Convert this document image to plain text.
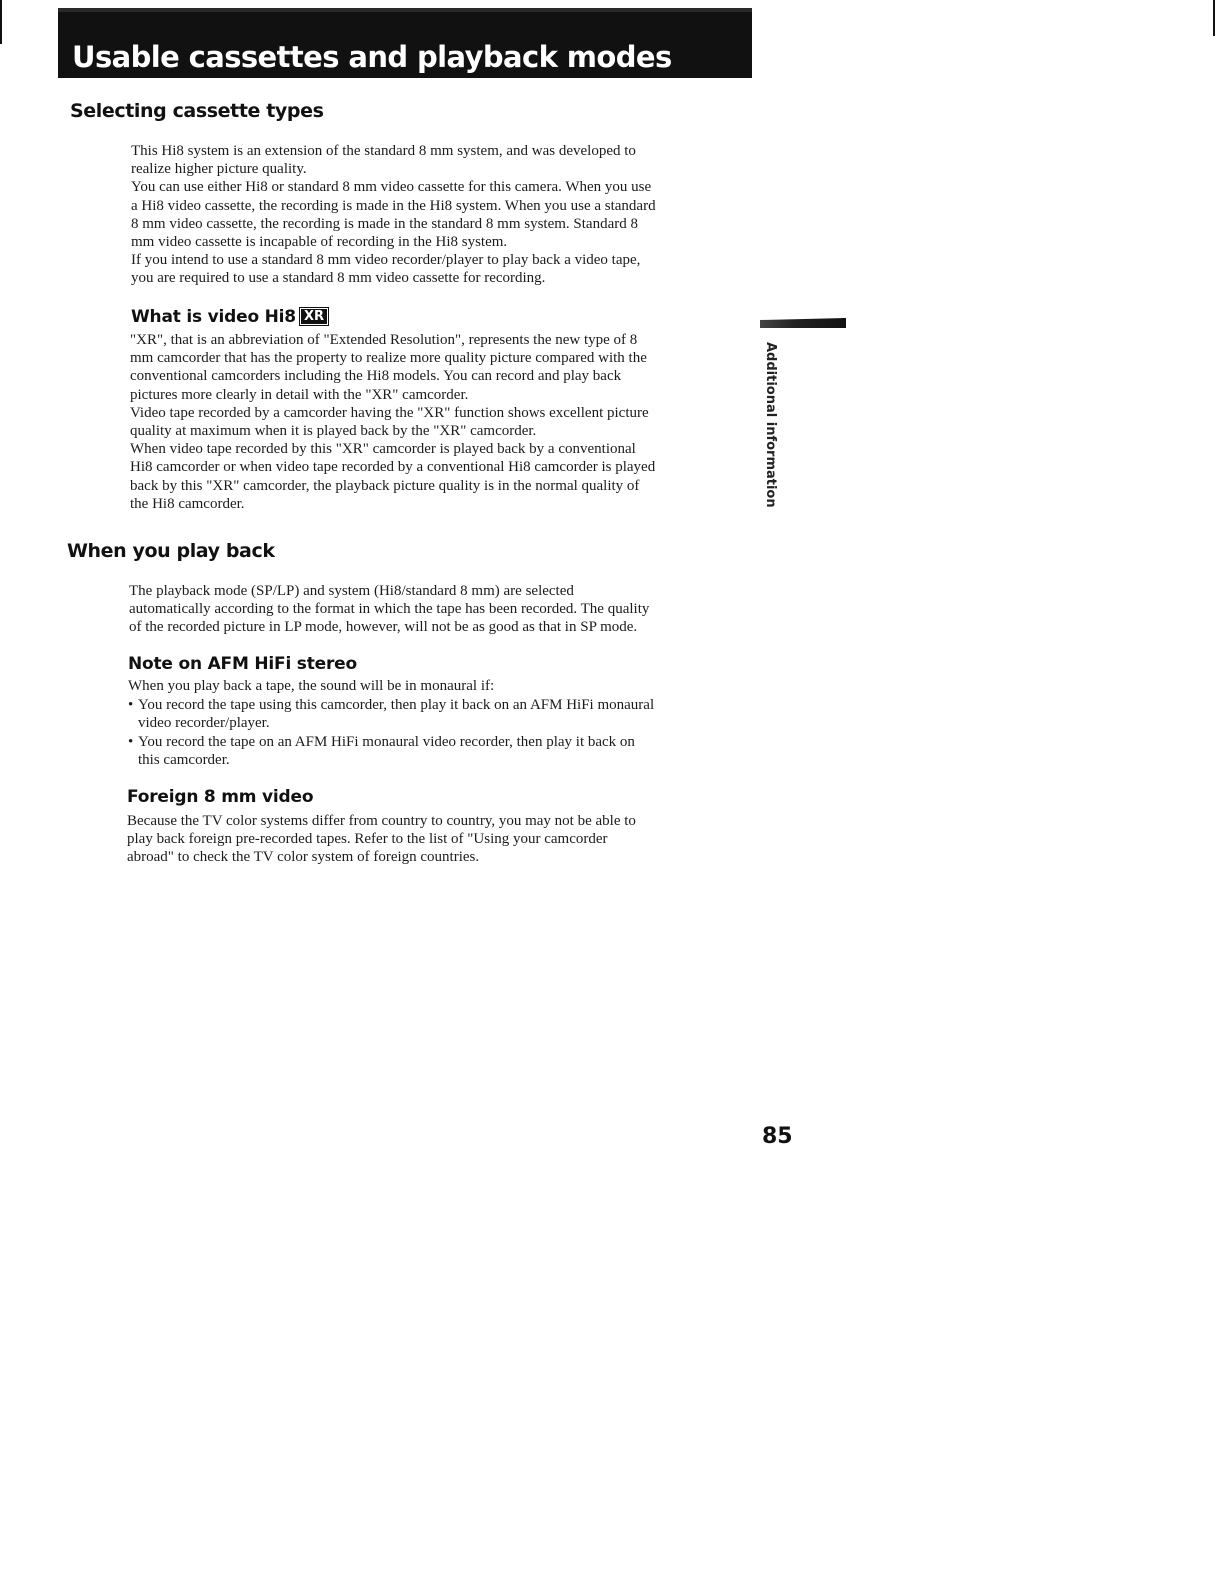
Usable cassettes and playback modes
Selecting cassette types
This Hi8 system is an extension of the standard 8 mm system, and was developed to
realize higher picture quality.
You can use either Hi8 or standard 8 mm video cassette for this camera. When you use
a Hi8 video cassette, the recording is made in the Hi8 system. When you use a standard
8 mm video cassette, the recording is made in the standard 8 mm system. Standard 8
mm video cassette is incapable of recording in the Hi8 system.
If you intend to use a standard 8 mm video recorder/player to play back a video tape,
you are required to use a standard 8 mm video cassette for recording.
What is video Hi8 XR
"XR", that is an abbreviation of "Extended Resolution", represents the new type of 8
mm camcorder that has the property to realize more quality picture compared with the
conventional camcorders including the Hi8 models. You can record and play back
pictures more clearly in detail with the "XR" camcorder.
Video tape recorded by a camcorder having the "XR" function shows excellent picture
quality at maximum when it is played back by the "XR" camcorder.
When video tape recorded by this "XR" camcorder is played back by a conventional
Hi8 camcorder or when video tape recorded by a conventional Hi8 camcorder is played
back by this "XR" camcorder, the playback picture quality is in the normal quality of
the Hi8 camcorder.
When you play back
The playback mode (SP/LP) and system (Hi8/standard 8 mm) are selected
automatically according to the format in which the tape has been recorded. The quality
of the recorded picture in LP mode, however, will not be as good as that in SP mode.
Note on AFM HiFi stereo
When you play back a tape, the sound will be in monaural if:
• You record the tape using this camcorder, then play it back on an AFM HiFi monaural
video recorder/player.
• You record the tape on an AFM HiFi monaural video recorder, then play it back on
this camcorder.
Foreign 8 mm video
Because the TV color systems differ from country to country, you may not be able to
play back foreign pre-recorded tapes. Refer to the list of "Using your camcorder
abroad" to check the TV color system of foreign countries.
Additional information
85
